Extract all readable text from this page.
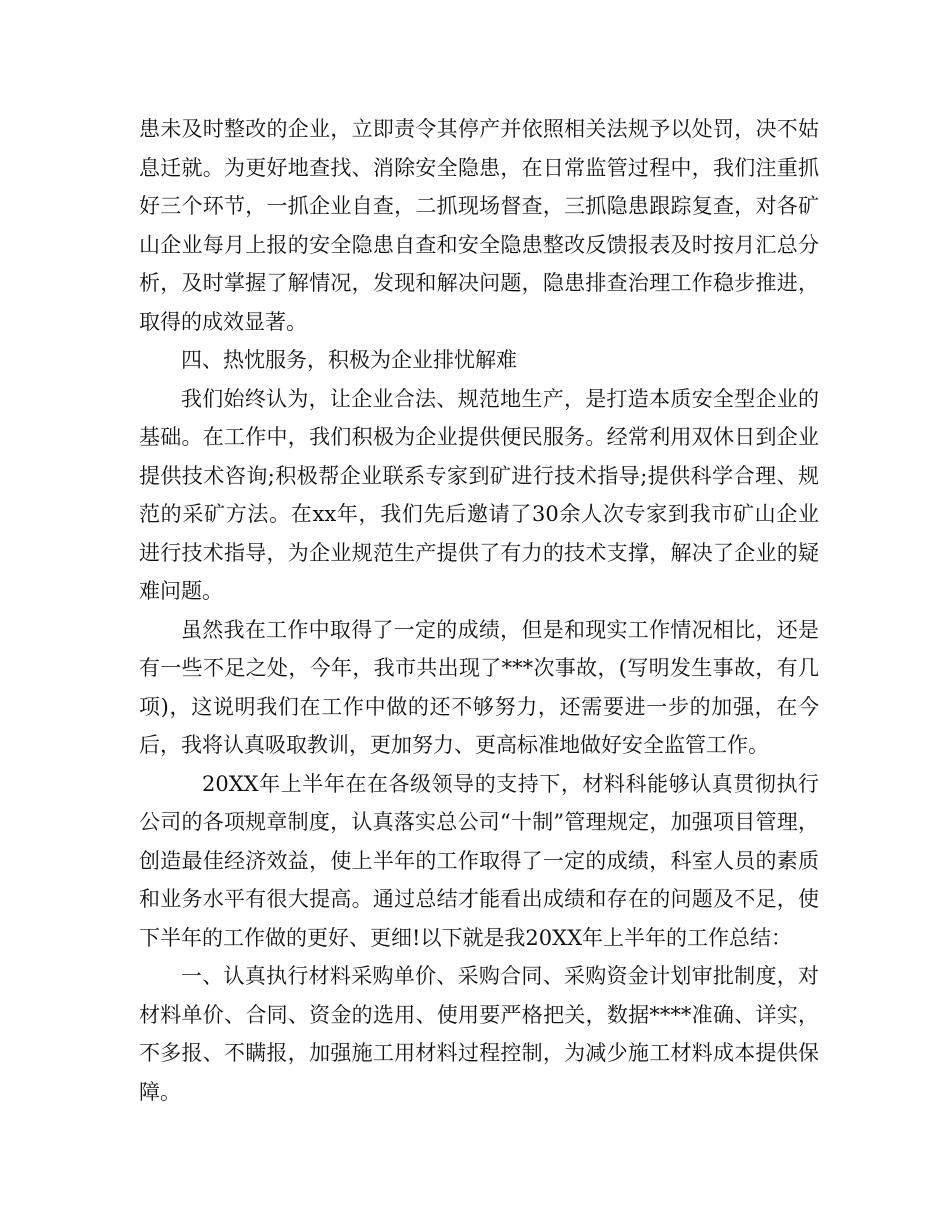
患未及时整改的企业，立即责令其停产并依照相关法规予以处罚，决不姑息迁就。为更好地查找、消除安全隐患，在日常监管过程中，我们注重抓好三个环节，一抓企业自查，二抓现场督查，三抓隐患跟踪复查，对各矿山企业每月上报的安全隐患自查和安全隐患整改反馈报表及时按月汇总分析，及时掌握了解情况，发现和解决问题，隐患排查治理工作稳步推进，取得的成效显著。

四、热忱服务，积极为企业排忧解难

我们始终认为，让企业合法、规范地生产，是打造本质安全型企业的基础。在工作中，我们积极为企业提供便民服务。经常利用双休日到企业提供技术咨询;积极帮企业联系专家到矿进行技术指导;提供科学合理、规范的采矿方法。在xx年，我们先后邀请了30余人次专家到我市矿山企业进行技术指导，为企业规范生产提供了有力的技术支撑，解决了企业的疑难问题。

虽然我在工作中取得了一定的成绩，但是和现实工作情况相比，还是有一些不足之处，今年，我市共出现了***次事故，(写明发生事故，有几项)，这说明我们在工作中做的还不够努力，还需要进一步的加强，在今后，我将认真吸取教训，更加努力、更高标准地做好安全监管工作。

20XX年上半年在在各级领导的支持下，材料科能够认真贯彻执行公司的各项规章制度，认真落实总公司“十制”管理规定，加强项目管理，创造最佳经济效益，使上半年的工作取得了一定的成绩，科室人员的素质和业务水平有很大提高。通过总结才能看出成绩和存在的问题及不足，使下半年的工作做的更好、更细!以下就是我20XX年上半年的工作总结：

一、认真执行材料采购单价、采购合同、采购资金计划审批制度，对材料单价、合同、资金的选用、使用要严格把关，数据****准确、详实，不多报、不瞒报，加强施工用材料过程控制，为减少施工材料成本提供保障。
